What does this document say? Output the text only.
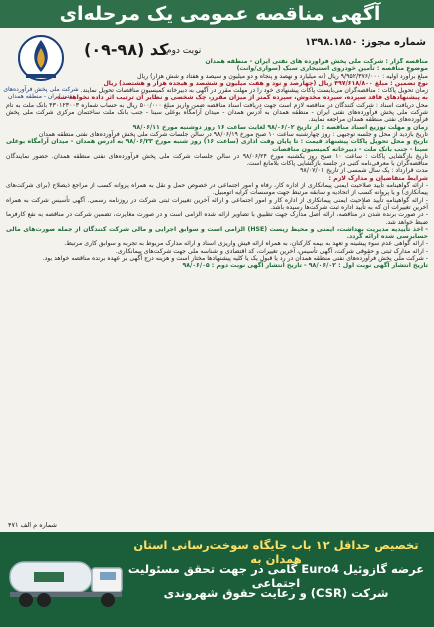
آگهی مناقصه عمومی یک مرحله‌ای
شرکت ملی پخش فرآورده‌های نفتی ایران - منطقه همدان
شماره مجوز: ۱۳۹۸.۱۸۵۰
کد (۹۸-۰۹)
نوبت دوم

مناقصه گزار : شرکت ملی پخش فرآورده های نفتی ایران - منطقه همدان

موضوع مناقصه : تأمین خودروی استیجاری سبک (سواری/وانت)

مبلغ برآورد اولیه : ۹/۹۵۲/۳۷۶/۰۰۰ ریال (نه میلیارد و نهصد و پنجاه و دو میلیون و سیصد و هفتاد و شش هزار) ریال

نوع تضمین : مبلغ ۴۹۷/۶۱۸/۸۰۰ ریال (چهارصد و نود و هفت میلیون و ششصد و هیجده هزار و هشتصد) ریال

زمان تحویل پاکات : مناقصه‌گران می‌بایست پاکات پیشنهادی خود را در مهلت مقرر در آگهی به دبیرخانه کمیسیون مناقصات تحویل نمایند.

به پیشنهادهای فاقد سپرده، سپرده مخدوش، سپرده کمتر از میزان مقرر، چک شخصی و نظایر آن ترتیب اثر داده نخواهد شد.

محل دریافت اسناد : شرکت کنندگان در مناقصه لازم است جهت دریافت اسناد مناقصه ضمن واریز مبلغ ۵۰۰/۰۰۰ ریال به حساب شماره ۴۳۰۱۲۳۰۰۳ بانک ملت به نام شرکت ملی پخش فرآورده‌های نفتی ایران - منطقه همدان به آدرس همدان - میدان آرامگاه بوعلی سینا - جنب بانک ملت ساختمان مرکزی شرکت ملی پخش فرآورده‌های نفتی منطقه همدان مراجعه نمایند.

زمان و مهلت توزیع اسناد مناقصه : از تاریخ ۹۸/۰۶/۰۲ لغایت ساعت ۱۶ روز دوشنبه مورخ ۹۸/۰۶/۱۱

تاریخ بازدید از محل و جلسه توجیهی : روز چهارشنبه ساعت ۱۰ صبح مورخ ۹۸/۰۶/۱۹ در سالن جلسات شرکت ملی پخش فرآورده‌های نفتی منطقه همدان

تاریخ و محل تحویل پاکات پیشنهاد قیمت : تا پایان وقت اداری (ساعت ۱۶) روز شنبه مورخ ۹۸/۰۶/۲۳ به آدرس همدان - میدان آرامگاه بوعلی سینا - جنب بانک ملت - دبیرخانه کمیسیون مناقصات

تاریخ بازگشایی پاکات : ساعت ۱۰ صبح روز یکشنبه مورخ ۹۸/۰۶/۲۴ در سالن جلسات شرکت ملی پخش فرآورده‌های نفتی منطقه همدان. حضور نمایندگان مناقصه‌گران با معرفی‌نامه کتبی در جلسه بازگشایی پاکات بلامانع است.

مدت قرارداد : یک سال شمسی از تاریخ ۹۸/۰۷/۰۱

شرایط متقاضیان و مدارک لازم :

- ارائه گواهینامه تأیید صلاحیت ایمنی پیمانکاری از اداره کار، رفاه و امور اجتماعی در خصوص حمل و نقل به همراه پروانه کسب از مراجع ذیصلاح (برای شرکت‌های پیمانکاری) و یا پروانه کسب از اتحادیه و سابقه مرتبط جهت موسسات کرایه اتومبیل.

- ارائه گواهینامه تأیید صلاحیت ایمنی پیمانکاری از اداره کار و امور اجتماعی و ارائه آخرین تغییرات ثبتی شرکت در روزنامه رسمی. آگهی تأسیس شرکت به همراه آخرین تغییرات آن که به تأیید اداره ثبت شرکت‌ها رسیده باشد.

- در صورت برنده شدن در مناقصه، ارائه اصل مدارک جهت تطبیق با تصاویر ارائه شده الزامی است و در صورت مغایرت، تضمین شرکت در مناقصه به نفع کارفرما ضبط خواهد شد.

- اخذ تأییدیه مدیریت بهداشت، ایمنی و محیط زیست (HSE) الزامی است و سوابق اجرایی و مالی شرکت کنندگان از جمله صورت‌های مالی حسابرسی شده ارائه گردد.

- ارائه گواهی عدم سوء پیشینه و تعهد به بیمه کارکنان، به همراه ارائه فیش واریزی اسناد و ارائه مدارک مربوط به تجربه و سوابق کاری مرتبط.

- ارائه مدارک ثبتی و حقوقی شرکت، آگهی تأسیس، آخرین تغییرات، کد اقتصادی و شناسه ملی جهت شرکت‌های پیمانکاری.

- شرکت ملی پخش فرآورده‌های نفتی منطقه همدان در رد یا قبول یک یا کلیه پیشنهادها مختار است و هزینه درج آگهی بر عهده برنده مناقصه خواهد بود.

تاریخ انتشار آگهی نوبت اول : ۹۸/۰۶/۰۲ - تاریخ انتشار آگهی نوبت دوم : ۹۸/۰۶/۰۵

شماره م الف ۴۷۱
تخصیص حداقل ۱۲ باب جایگاه سوخت‌رسانی استان همدان به
عرضه گازوئیل Euro4 گامی در جهت تحقق مسئولیت اجتماعی
شرکت (CSR) و رعایت حقوق شهروندی
